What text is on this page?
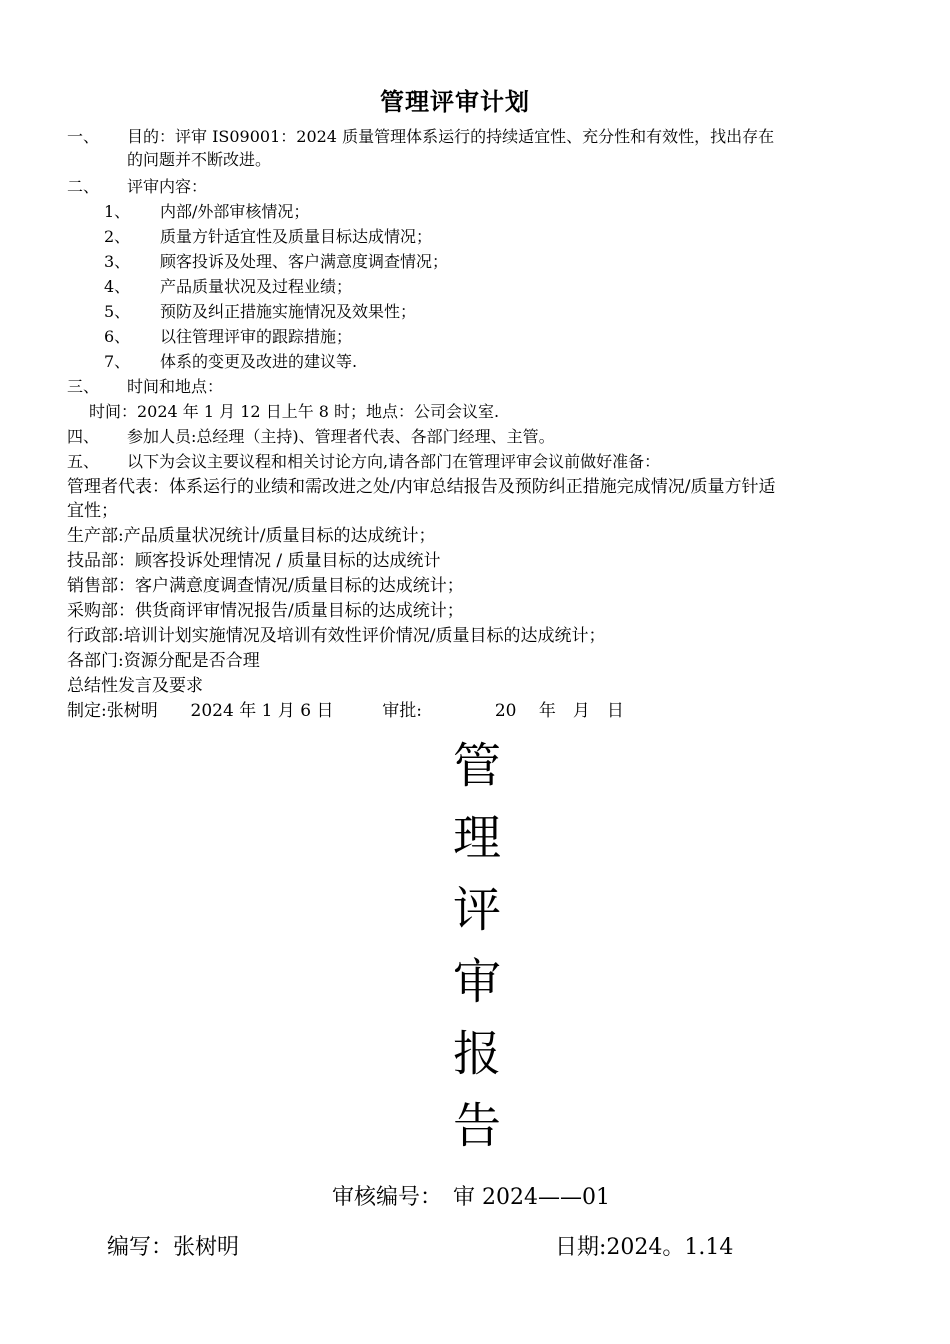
管理评审计划
一、 目的：评审 IS09001：2024 质量管理体系运行的持续适宜性、充分性和有效性，找出存在
的问题并不断改进。
二、 评审内容：
1、 内部/外部审核情况；
2、 质量方针适宜性及质量目标达成情况；
3、 顾客投诉及处理、客户满意度调查情况；
4、 产品质量状况及过程业绩；
5、 预防及纠正措施实施情况及效果性；
6、 以往管理评审的跟踪措施；
7、 体系的变更及改进的建议等.
三、 时间和地点：
时间：2024 年 1 月 12 日上午 8 时；地点：公司会议室.
四、 参加人员:总经理（主持)、管理者代表、各部门经理、主管。
五、 以下为会议主要议程和相关讨论方向,请各部门在管理评审会议前做好准备：
管理者代表：体系运行的业绩和需改进之处/内审总结报告及预防纠正措施完成情况/质量方针适
宜性；
生产部:产品质量状况统计/质量目标的达成统计；
技品部：顾客投诉处理情况 / 质量目标的达成统计
销售部：客户满意度调查情况/质量目标的达成统计；
采购部：供货商评审情况报告/质量目标的达成统计；
行政部:培训计划实施情况及培训有效性评价情况/质量目标的达成统计；
各部门:资源分配是否合理
总结性发言及要求
制定:张树明 2024 年 1 月 6 日	审批:	20　 年　月　日
管
理
评
审
报
告
审核编号：　审 2024——01
编写：张树明	日期:2024。1.14
